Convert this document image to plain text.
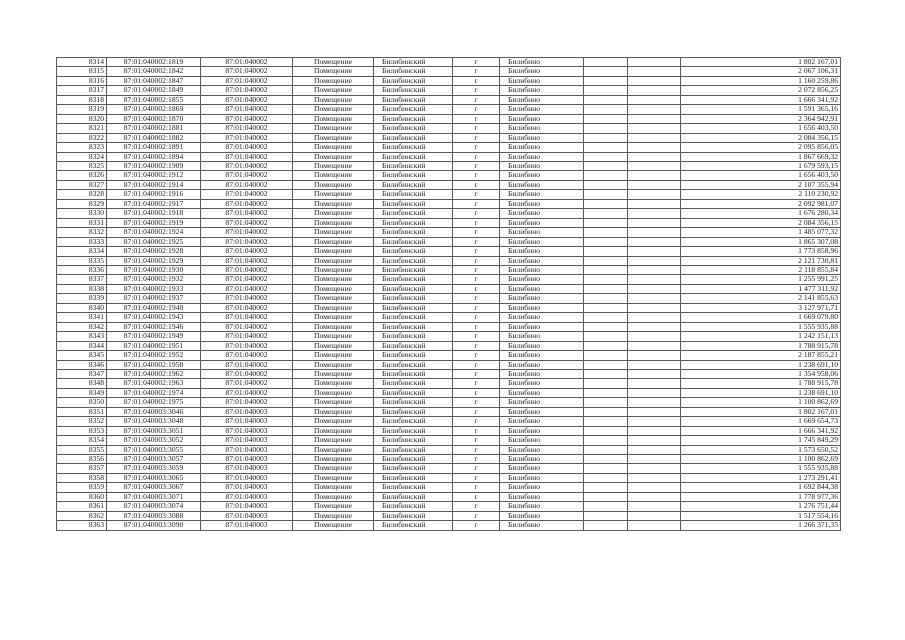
8314	87:01:040002:1819	87:01:040002	Помещение	Билибинский	г	Билибино			1 802 167,01
8315	87:01:040002:1842	87:01:040002	Помещение	Билибинский	г	Билибино			2 067 106,31
8316	87:01:040002:1847	87:01:040002	Помещение	Билибинский	г	Билибино			1 160 259,86
8317	87:01:040002:1849	87:01:040002	Помещение	Билибинский	г	Билибино			2 072 856,25
8318	87:01:040002:1855	87:01:040002	Помещение	Билибинский	г	Билибино			1 666 341,92
8319	87:01:040002:1869	87:01:040002	Помещение	Билибинский	г	Билибино			1 591 365,16
8320	87:01:040002:1870	87:01:040002	Помещение	Билибинский	г	Билибино			2 364 942,91
8321	87:01:040002:1881	87:01:040002	Помещение	Билибинский	г	Билибино			1 656 403,50
8322	87:01:040002:1882	87:01:040002	Помещение	Билибинский	г	Билибино			2 084 356,15
8323	87:01:040002:1891	87:01:040002	Помещение	Билибинский	г	Билибино			2 095 856,05
8324	87:01:040002:1894	87:01:040002	Помещение	Билибинский	г	Билибино			1 867 669,32
8325	87:01:040002:1909	87:01:040002	Помещение	Билибинский	г	Билибино			1 679 593,15
8326	87:01:040002:1912	87:01:040002	Помещение	Билибинский	г	Билибино			1 656 403,50
8327	87:01:040002:1914	87:01:040002	Помещение	Билибинский	г	Билибино			2 107 355,94
8328	87:01:040002:1916	87:01:040002	Помещение	Билибинский	г	Билибино			2 110 230,92
8329	87:01:040002:1917	87:01:040002	Помещение	Билибинский	г	Билибино			2 092 981,07
8330	87:01:040002:1918	87:01:040002	Помещение	Билибинский	г	Билибино			1 676 280,34
8331	87:01:040002:1919	87:01:040002	Помещение	Билибинский	г	Билибино			2 084 356,15
8332	87:01:040002:1924	87:01:040002	Помещение	Билибинский	г	Билибино			1 485 077,32
8333	87:01:040002:1925	87:01:040002	Помещение	Билибинский	г	Билибино			1 865 307,08
8334	87:01:040002:1928	87:01:040002	Помещение	Билибинский	г	Билибино			1 773 858,96
8335	87:01:040002:1929	87:01:040002	Помещение	Билибинский	г	Билибино			2 121 730,81
8336	87:01:040002:1930	87:01:040002	Помещение	Билибинский	г	Билибино			2 118 855,84
8337	87:01:040002:1932	87:01:040002	Помещение	Билибинский	г	Билибино			1 255 991,25
8338	87:01:040002:1933	87:01:040002	Помещение	Билибинский	г	Билибино			1 477 311,92
8339	87:01:040002:1937	87:01:040002	Помещение	Билибинский	г	Билибино			2 141 855,63
8340	87:01:040002:1940	87:01:040002	Помещение	Билибинский	г	Билибино			3 127 971,71
8341	87:01:040002:1943	87:01:040002	Помещение	Билибинский	г	Билибино			1 669 079,80
8342	87:01:040002:1946	87:01:040002	Помещение	Билибинский	г	Билибино			1 555 935,88
8343	87:01:040002:1949	87:01:040002	Помещение	Билибинский	г	Билибино			1 242 151,13
8344	87:01:040002:1951	87:01:040002	Помещение	Билибинский	г	Билибино			1 788 915,78
8345	87:01:040002:1952	87:01:040002	Помещение	Билибинский	г	Билибино			2 187 855,21
8346	87:01:040002:1958	87:01:040002	Помещение	Билибинский	г	Билибино			1 238 691,10
8347	87:01:040002:1962	87:01:040002	Помещение	Билибинский	г	Билибино			1 354 958,06
8348	87:01:040002:1963	87:01:040002	Помещение	Билибинский	г	Билибино			1 788 915,78
8349	87:01:040002:1974	87:01:040002	Помещение	Билибинский	г	Билибино			1 238 691,10
8350	87:01:040002:1975	87:01:040002	Помещение	Билибинский	г	Билибино			1 100 862,69
8351	87:01:040003:3046	87:01:040003	Помещение	Билибинский	г	Билибино			1 802 167,01
8352	87:01:040003:3048	87:01:040003	Помещение	Билибинский	г	Билибино			1 669 654,73
8353	87:01:040003:3051	87:01:040003	Помещение	Билибинский	г	Билибино			1 666 341,92
8354	87:01:040003:3052	87:01:040003	Помещение	Билибинский	г	Билибино			1 745 849,29
8355	87:01:040003:3055	87:01:040003	Помещение	Билибинский	г	Билибино			1 573 650,52
8356	87:01:040003:3057	87:01:040003	Помещение	Билибинский	г	Билибино			1 100 862,69
8357	87:01:040003:3059	87:01:040003	Помещение	Билибинский	г	Билибино			1 555 935,88
8358	87:01:040003:3065	87:01:040003	Помещение	Билибинский	г	Билибино			1 273 291,41
8359	87:01:040003:3067	87:01:040003	Помещение	Билибинский	г	Билибино			1 692 844,38
8360	87:01:040003:3071	87:01:040003	Помещение	Билибинский	г	Билибино			1 778 977,36
8361	87:01:040003:3074	87:01:040003	Помещение	Билибинский	г	Билибино			1 276 751,44
8362	87:01:040003:3088	87:01:040003	Помещение	Билибинский	г	Билибино			1 517 554,16
8363	87:01:040003:3090	87:01:040003	Помещение	Билибинский	г	Билибино			1 266 371,35
